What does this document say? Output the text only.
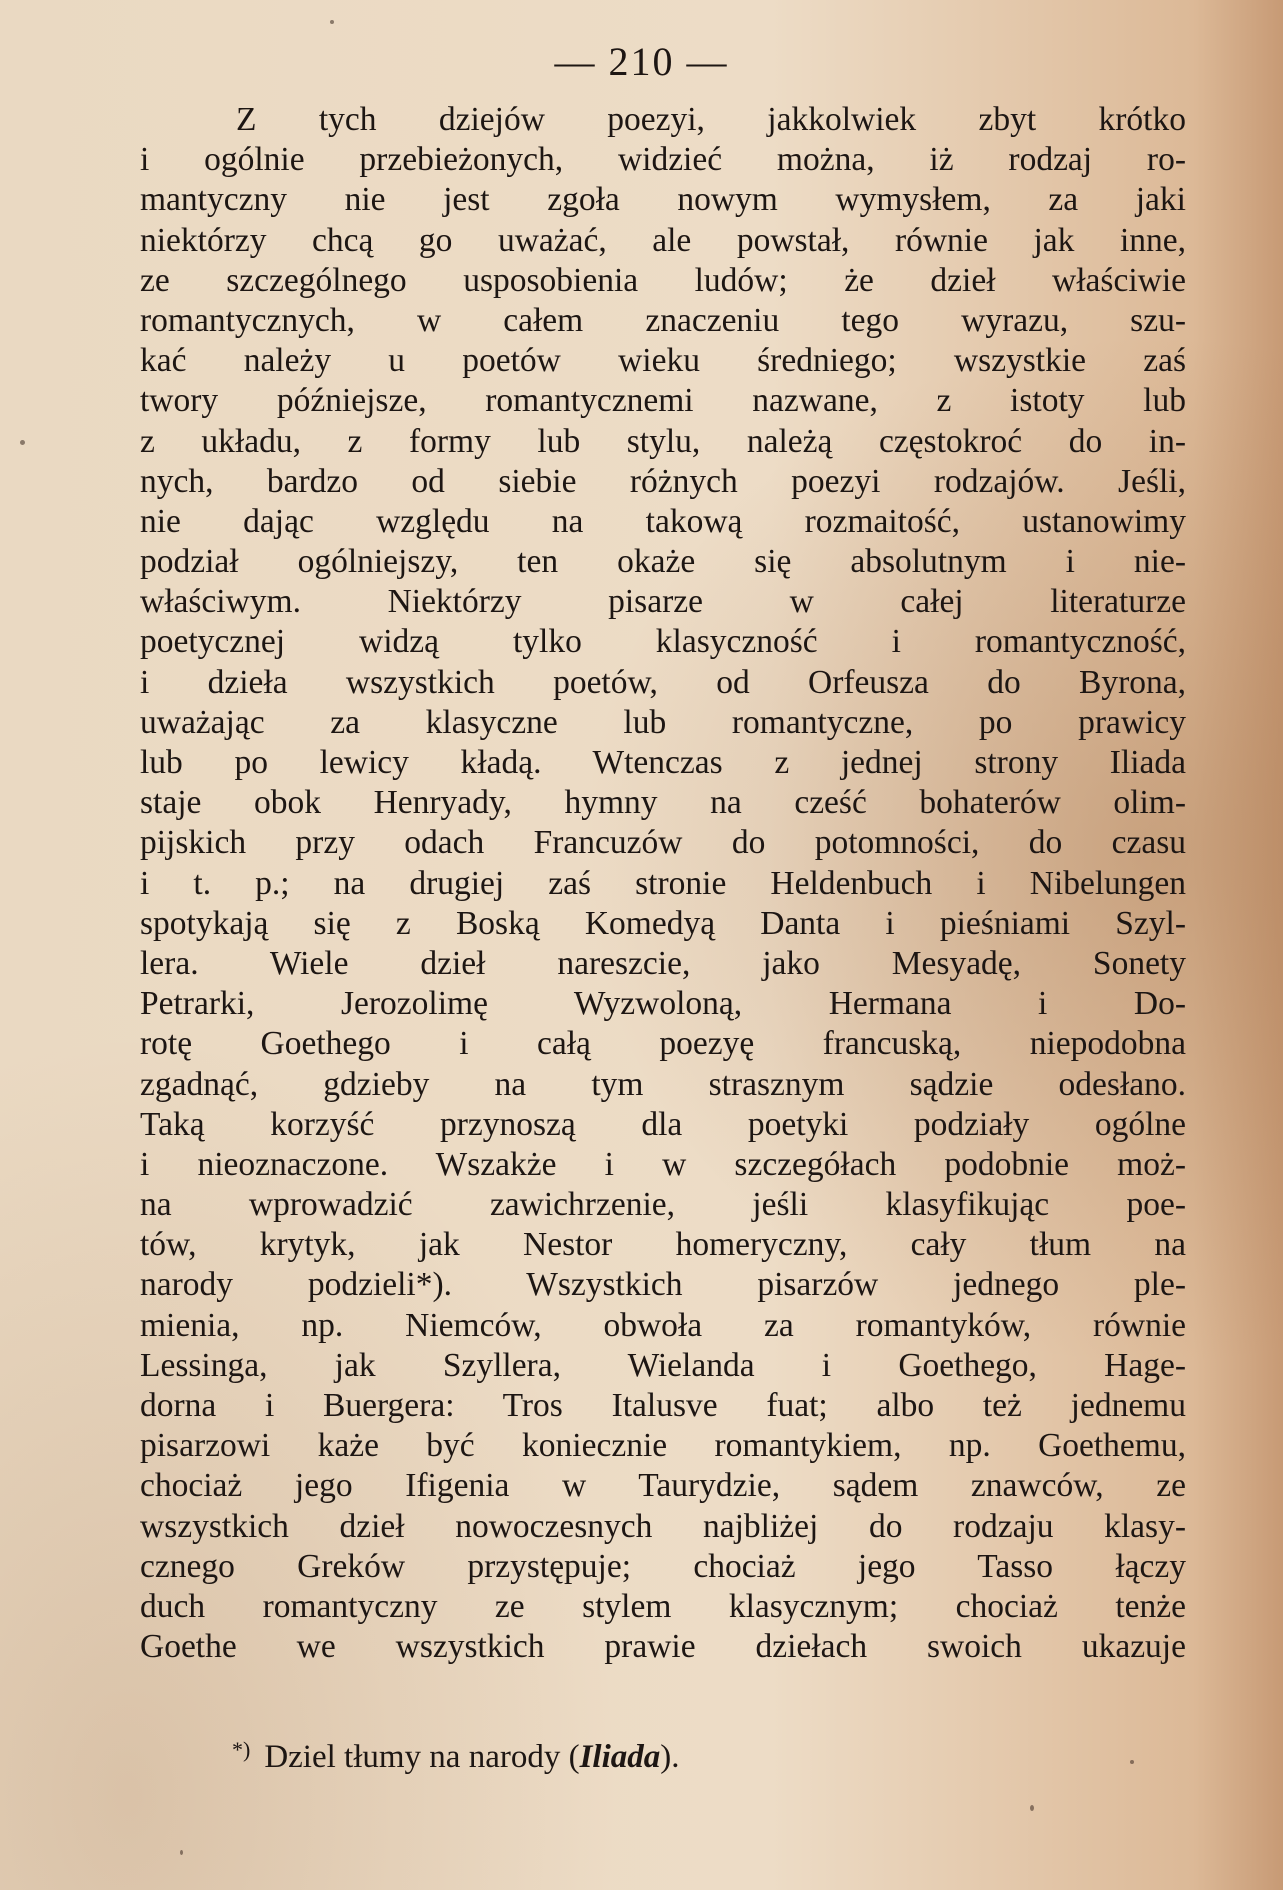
— 210 —
Z tych dziejów poezyi, jakkolwiek zbyt krótko
i ogólnie przebieżonych, widzieć można, iż rodzaj ro-
mantyczny nie jest zgoła nowym wymysłem, za jaki
niektórzy chcą go uważać, ale powstał, równie jak inne,
ze szczególnego usposobienia ludów; że dzieł właściwie
romantycznych, w całem znaczeniu tego wyrazu, szu-
kać należy u poetów wieku średniego; wszystkie zaś
twory późniejsze, romantycznemi nazwane, z istoty lub
z układu, z formy lub stylu, należą częstokroć do in-
nych, bardzo od siebie różnych poezyi rodzajów. Jeśli,
nie dając względu na takową rozmaitość, ustanowimy
podział ogólniejszy, ten okaże się absolutnym i nie-
właściwym. Niektórzy pisarze w całej literaturze
poetycznej widzą tylko klasyczność i romantyczność,
i dzieła wszystkich poetów, od Orfeusza do Byrona,
uważając za klasyczne lub romantyczne, po prawicy
lub po lewicy kładą. Wtenczas z jednej strony Iliada
staje obok Henryady, hymny na cześć bohaterów olim-
pijskich przy odach Francuzów do potomności, do czasu
i t. p.; na drugiej zaś stronie Heldenbuch i Nibelungen
spotykają się z Boską Komedyą Danta i pieśniami Szyl-
lera. Wiele dzieł nareszcie, jako Mesyadę, Sonety
Petrarki, Jerozolimę Wyzwoloną, Hermana i Do-
rotę Goethego i całą poezyę francuską, niepodobna
zgadnąć, gdzieby na tym strasznym sądzie odesłano.
Taką korzyść przynoszą dla poetyki podziały ogólne
i nieoznaczone. Wszakże i w szczegółach podobnie moż-
na wprowadzić zawichrzenie, jeśli klasyfikując poe-
tów, krytyk, jak Nestor homeryczny, cały tłum na
narody podzieli*). Wszystkich pisarzów jednego ple-
mienia, np. Niemców, obwoła za romantyków, równie
Lessinga, jak Szyllera, Wielanda i Goethego, Hage-
dorna i Buergera: Tros Italusve fuat; albo też jednemu
pisarzowi każe być koniecznie romantykiem, np. Goethemu,
chociaż jego Ifigenia w Taurydzie, sądem znawców, ze
wszystkich dzieł nowoczesnych najbliżej do rodzaju klasy-
cznego Greków przystępuje; chociaż jego Tasso łączy
duch romantyczny ze stylem klasycznym; chociaż tenże
Goethe we wszystkich prawie dziełach swoich ukazuje
*) Dziel tłumy na narody (Iliada).
